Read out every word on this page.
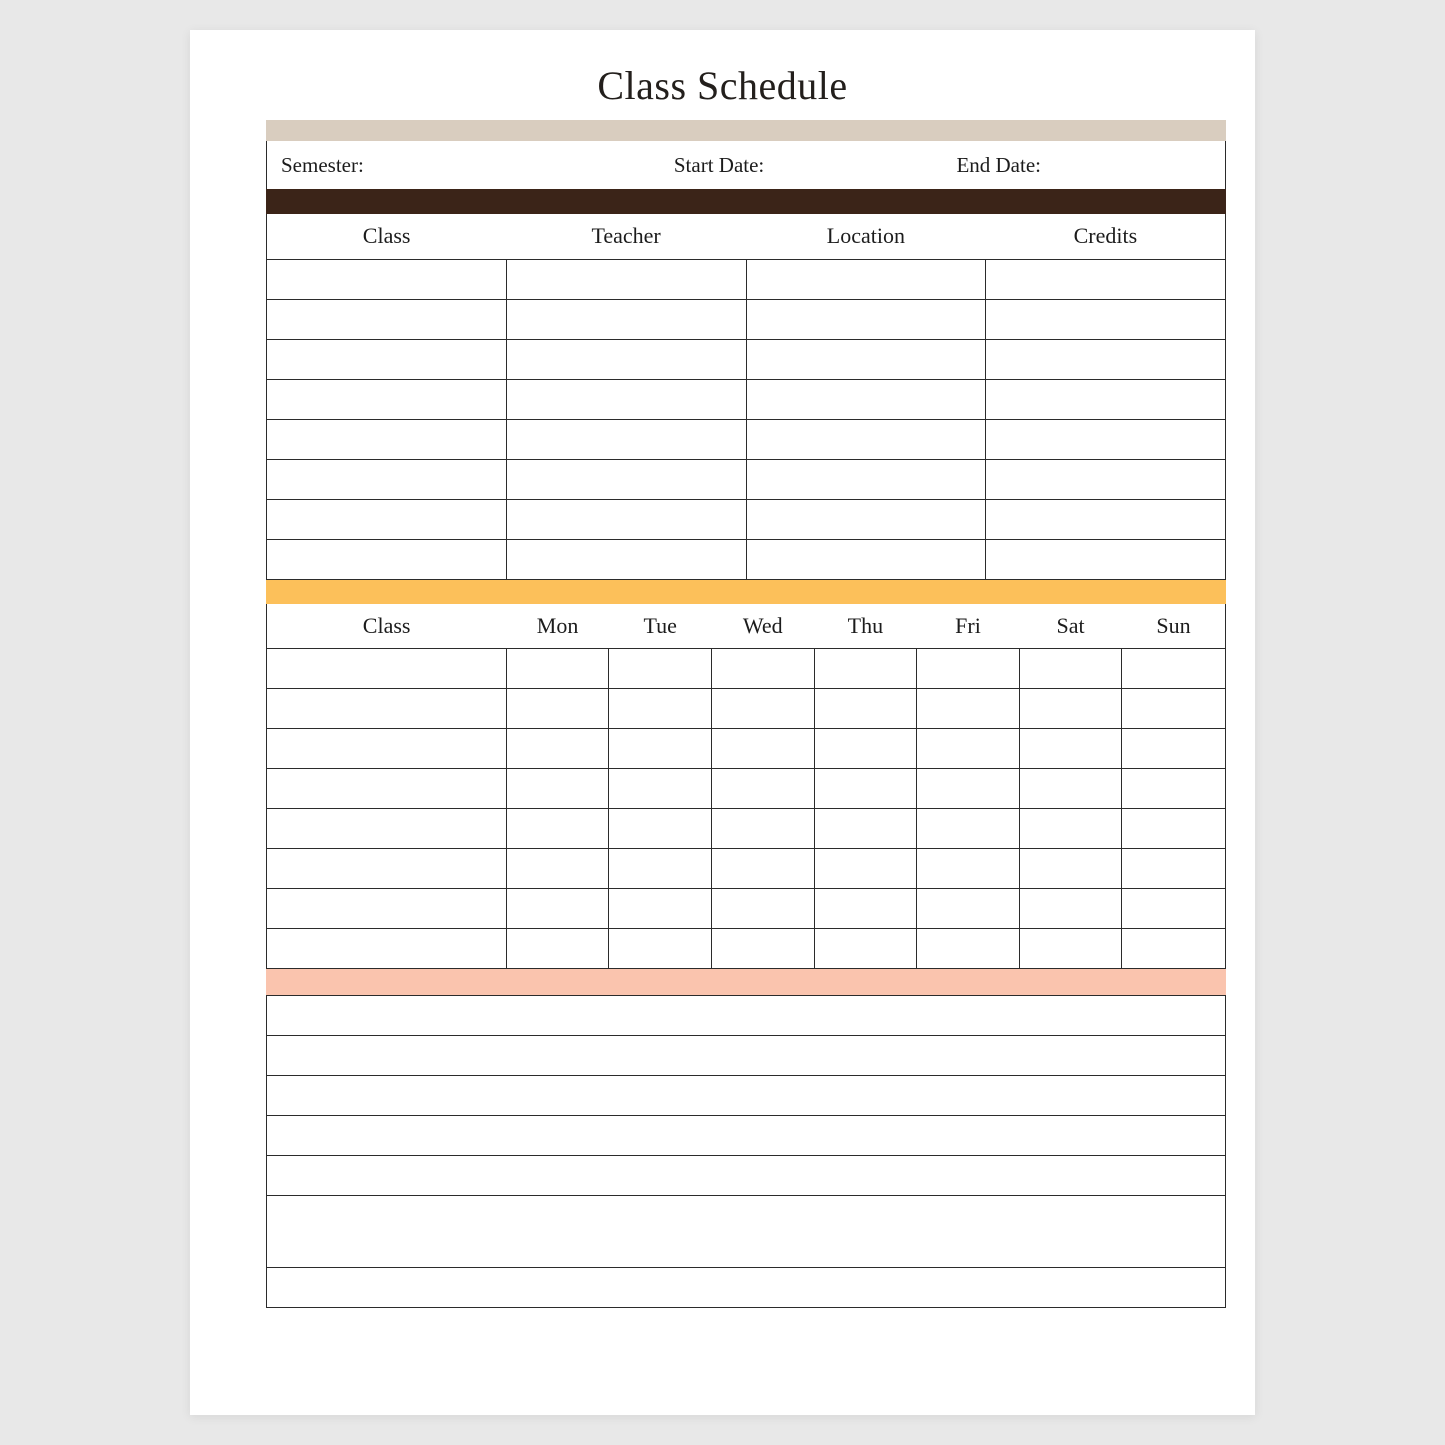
Class Schedule
Semester:	Start Date:	End Date:
Class	Teacher	Location	Credits

Class	Mon	Tue	Wed	Thu	Fri	Sat	Sun
